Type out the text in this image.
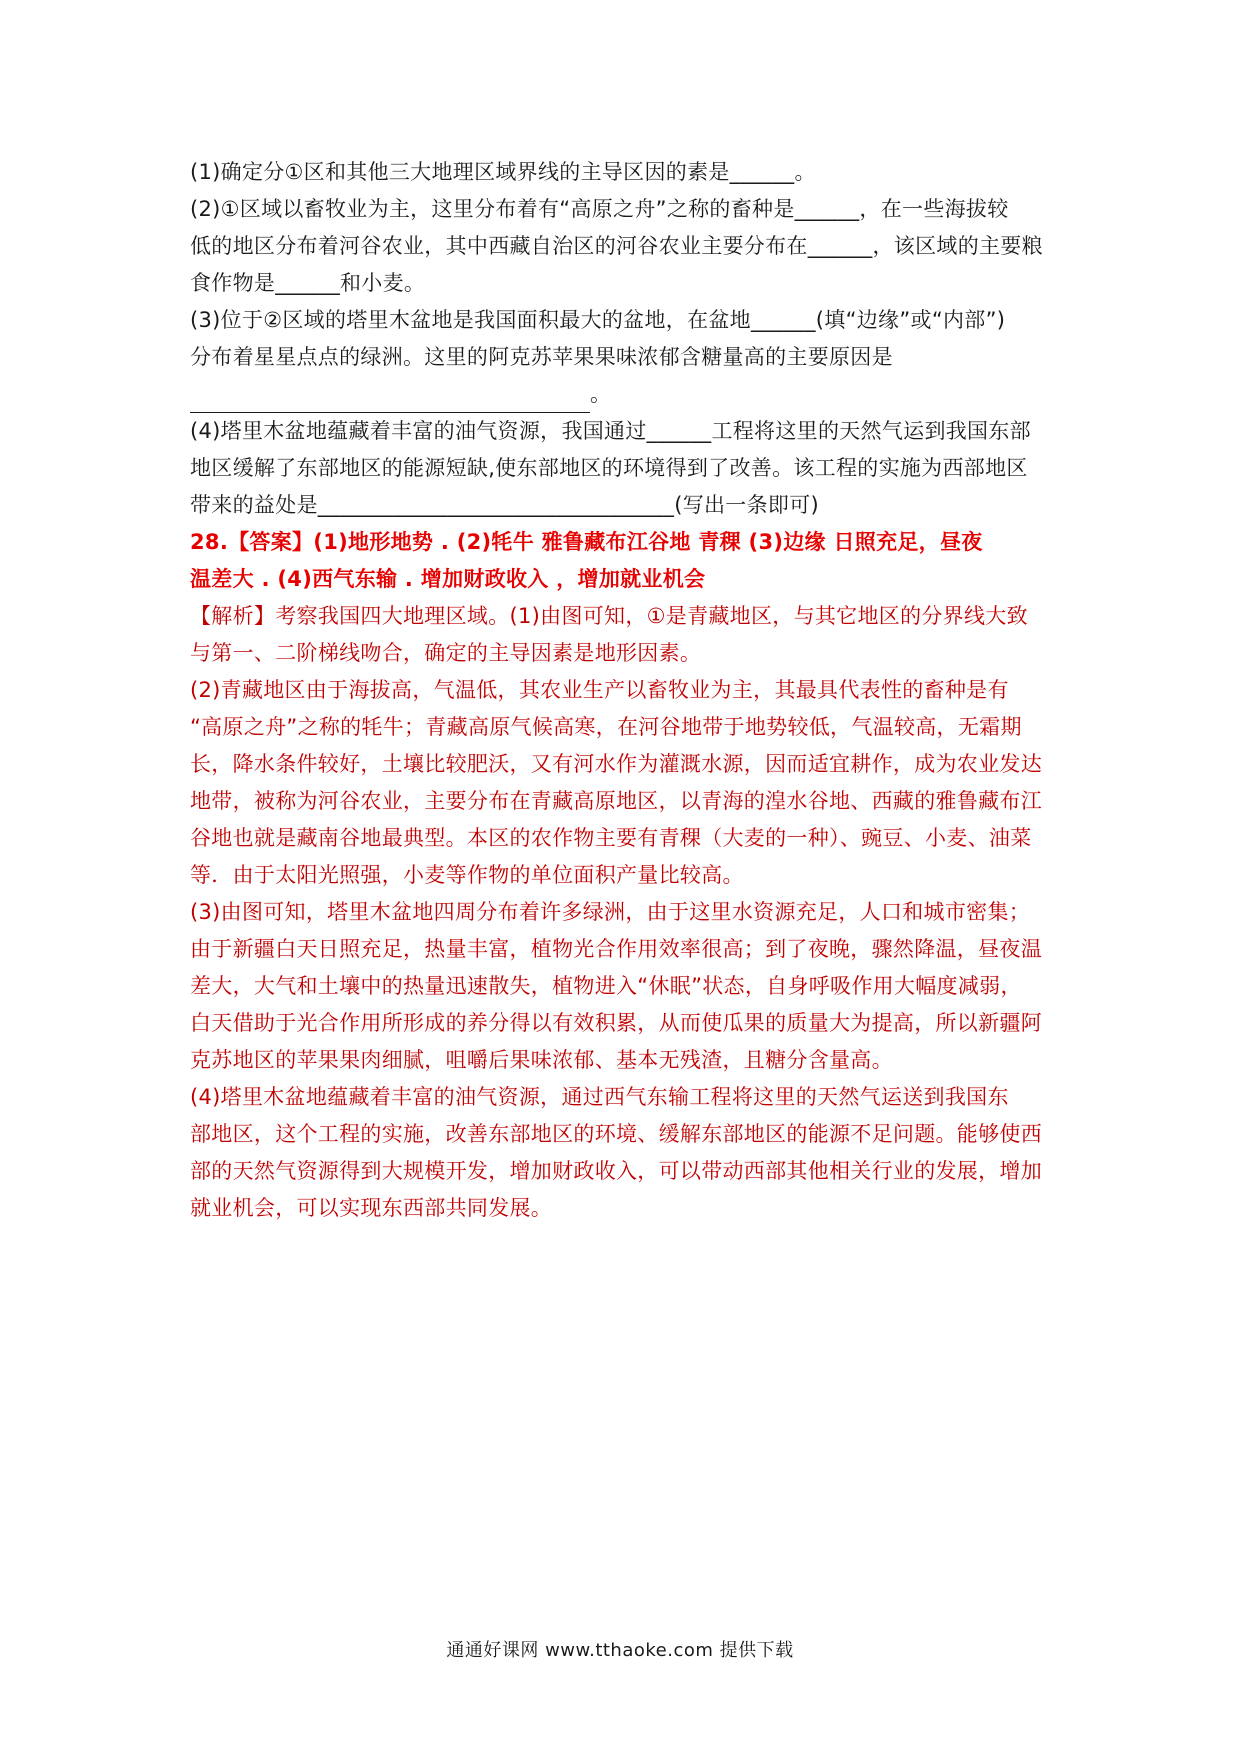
(1)确定分①区和其他三大地理区域界线的主导区因的素是______。
(2)①区域以畜牧业为主，这里分布着有“高原之舟”之称的畜种是______，在一些海拔较
低的地区分布着河谷农业，其中西藏自治区的河谷农业主要分布在______，该区域的主要粮
食作物是______和小麦。
(3)位于②区域的塔里木盆地是我国面积最大的盆地，在盆地______(填“边缘”或“内部”)
分布着星星点点的绿洲。这里的阿克苏苹果果味浓郁含糖量高的主要原因是
。
(4)塔里木盆地蕴藏着丰富的油气资源，我国通过______工程将这里的天然气运到我国东部
地区缓解了东部地区的能源短缺,使东部地区的环境得到了改善。该工程的实施为西部地区
带来的益处是_________________________________(写出一条即可)
28.【答案】(1)地形地势 . (2)牦牛 雅鲁藏布江谷地 青稞 (3)边缘 日照充足，昼夜
温差大 . (4)西气东输 . 增加财政收入 ，增加就业机会
【解析】考察我国四大地理区域。(1)由图可知，①是青藏地区，与其它地区的分界线大致
与第一、二阶梯线吻合，确定的主导因素是地形因素。
(2)青藏地区由于海拔高，气温低，其农业生产以畜牧业为主，其最具代表性的畜种是有
“高原之舟”之称的牦牛；青藏高原气候高寒，在河谷地带于地势较低，气温较高，无霜期
长，降水条件较好，土壤比较肥沃，又有河水作为灌溉水源，因而适宜耕作，成为农业发达
地带，被称为河谷农业，主要分布在青藏高原地区，以青海的湟水谷地、西藏的雅鲁藏布江
谷地也就是藏南谷地最典型。本区的农作物主要有青稞（大麦的一种）、豌豆、小麦、油菜
等．由于太阳光照强，小麦等作物的单位面积产量比较高。
(3)由图可知，塔里木盆地四周分布着许多绿洲，由于这里水资源充足，人口和城市密集；
由于新疆白天日照充足，热量丰富，植物光合作用效率很高；到了夜晚，骤然降温，昼夜温
差大，大气和土壤中的热量迅速散失，植物进入“休眠”状态，自身呼吸作用大幅度减弱，
白天借助于光合作用所形成的养分得以有效积累，从而使瓜果的质量大为提高，所以新疆阿
克苏地区的苹果果肉细腻，咀嚼后果味浓郁、基本无残渣，且糖分含量高。
(4)塔里木盆地蕴藏着丰富的油气资源，通过西气东输工程将这里的天然气运送到我国东
部地区，这个工程的实施，改善东部地区的环境、缓解东部地区的能源不足问题。能够使西
部的天然气资源得到大规模开发，增加财政收入，可以带动西部其他相关行业的发展，增加
就业机会，可以实现东西部共同发展。
通通好课网 www.tthaoke.com 提供下载
